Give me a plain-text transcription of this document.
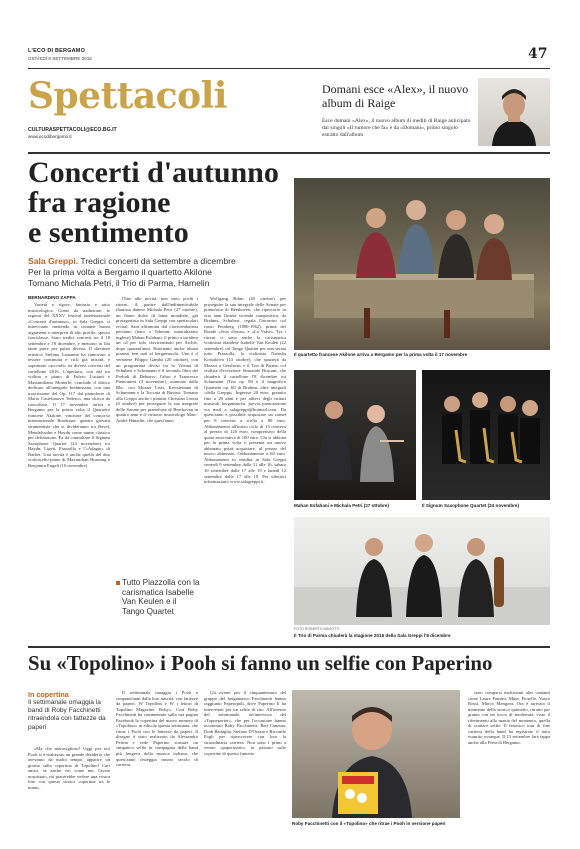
L'ECO DI BERGAMO
GIOVEDÌ 8 SETTEMBRE 2016	47
Spettacoli
CULTURASPETTACOLI@ECO.BG.IT
www.ecodibergamo.it
Domani esce «Alex», il nuovo album di Raige
Esce domani «Alex», il nuovo album di inediti di Raige anticipato dai singoli «Il rumore che fa» e da «Domani», primo singolo estratto dall'album
Concerti d'autunno
fra ragione
e sentimento
Sala Greppi. Tredici concerti da settembre a dicembre
Per la prima volta a Bergamo il quartetto Akilone
Tornano Michala Petri, il Trio di Parma, Hamelin
BERNARDINO ZAPPA

Varietà e rigore, fantasia e ratio musicologica. Come da tradizione, le ragioni del XXXV festival internazionale «Concerti d'autunno», in Sala Greppi, si intrecciano mettendo in comune buoni argomenti e interpreti di alto profilo, spesso fuoriclasse. Sono tredici concerti tra il 18 settembre e l'8 dicembre, e mettono in fila tante parte per palati diversi. Il direttore artistico Stefano Lamanna ha rinnovato a tessere continuità e cicli già iniziati, e sopratutto «accordi» tra diversi concerti del cartellone 2016. L'apertura, con dal tra violino e piano di Fulvio Luciani e Massimiliano Motterle, conclude il dittico dedicato all'integrale brahmsiana, con una trascrizione del Op. 117 dal pianoforte di Mario Castelnuovo Tedesco, una chicca da riascoltare. Il 17 novembre arriva a Bergamo per la prima volta il Quartetto francese Akilone, vincitore del concorso internazionale Bordeaux: quattro giovani strumentiste che si divideranno tra Ravel, Mendelssohn e Haydn come nume classico per definizione. Fa da contraltare il Signum Saxophone Quartet (24 novembre) tra Haydn, Ligeti, Piazzolla e l'«Adagio» di Barber. Una novità è anche quella del duo violoncello-piano di Maximilian Hornung e Benjamin Engeli (10 novembre).

Oltre alle novità, non sono pochi i ritorni. A partire dall'indimenticabile flautista danese Michala Petri (27 ottobre), un flauto dolce di fama mondiale, già protagonista in Sala Greppi con spettacolari recital. Sarà affiancata dal clavicembalista persiano (nato a Teheran, naturalizzato inglese) Mahan Esfahani, il primo a incidere un cd per solo clavicembalo per Archiv, dopo quarant'anni. Ritornano anche alcuni pianisti ben noti al bergamaschi. Uno è il veronese Filippo Gamba (20 ottobre), con un programma diviso tra la Vienna di Schubert e Schumann e il secondo libro dei Preludi di Debussy; l'altro è Francesco Piemontesi (3 novembre), osannato dalla Bbc, con Mozart Liszt, Kreisleriana di Schumann e la Toccata di Busoni. Tornano alla Greppi anche i pianisti Christian Leotta (6 ottobre) per proseguire la sua integrale delle Sonate per pianoforte di Beethoven in quattro anni e il virtuoso musicologo Marc-André Hamelin, che quest'anno

Wolfgang Rihm (20 ottobre) per proseguire la sua integrale delle Sonate per pianoforte di Beethoven, che ripercorre in otto anni l'intera vicenda compositiva, da Brahms, Schubert, regala l'incontro col russo Feinberg (1890-1962), prima del Rondò «Jeux d'eaux» e «La Valse». Tra i ritorni ci sono anche la carismatica violinista olandese Isabelle Van Keulen (22 settembre) col Tango Quartet per una serata tutto Piazzolla, la violinista Natasha Korsakova (13 ottobre), che spazierà da Mozart a Gershwin, e il Trio di Parma, col violista d'eccezione Simonide Braconi, che chiuderà il cartellone l'8 dicembre tra Schumann (Trio op. 80 e il magnifico Quartetto op. 60 di Brahms, altre integrali «della Greppi». Ingresso 20 euro, gratuito fino a 20 anni e per allievi degli istituti musicali bergamaschi, previa prenotazione via mail a salagreppi@hotmail.com. Da quest'anno è possibile acquistare un carnet per 8 concerti a scelta a 80 euro. Abbonamento all'intero ciclo di 13 concerti al prezzo di 120 euro, comprensivo della quota associativa di 100 euro. Chi si abbona per la prima volta o presenta un nuovo abbonato potrà acquistare, al prezzo del nuovo abbonato, l'abbonamento a 60 euro. Abbonamenti in vendita in Sala Greppi venerdì 9 settembre dalle 11 alle 16, sabato 10 settembre dalle 17 alle 19 e lunedì 12 settembre dalle 17 alle 19. Per ulteriori informazioni: www.salagreppi.it.

Tutto Piazzolla con la carismatica Isabelle Van Keulen e il Tango Quartet
Il quartetto francese Akilone arriva a Bergamo per la prima volta il 17 novembre
Mahan Esfahani e Michala Petri (27 ottobre)	Il Signum Saxophone Quartet (24 novembre)
FOTO ROBERTO MASOTTI
Il Trio di Parma chiuderà la stagione 2016 della Sala Greppi l'8 dicembre
Su «Topolino» i Pooh si fanno un selfie con Paperino
In copertina
Il settimanale omaggia la band di Roby Facchinetti ritraendola con fattezze da paperi

«Ma che meraviglioso! Oggi per noi Pooh si è realizzato un grande desiderio che avevamo da molto tempo, apparire un giorno sulla copertina di Topolino! Cari amici, se anche voi come me, l'avete acquistato, mi piacerebbe vedere una vostra foto con questa storica copertina tra le mani».

Il settimanale omaggia i Pooh a cinquant'anni dalla loro nascita, con fattezze da paperi. W Topolino e W i lettori di Topolino Magazine. Roby». Così Roby Facchinetti ha commentato sulla sua pagina Facebook la copertina del nuovo numero di «Topolino» in edicola questa settimana, che ritrae i Pooh con le fattezze da paperi. Il disegno è stato realizzato da Alessandro Perina e vede Paperino scattare un simpatico selfie in compagnia della band più longeva della musica italiana, che quest'anno festeggia mezzo secolo di carriera.

Gli eventi per il cinquantenario del gruppo del bergamasco Facchinetti hanno raggiunto Paperopoli, dove Paperino li ha intercettati per un selfie di rito. All'interno del settimanale, un'intervista del «Topoeporter», che per l'occasione hanno incontrato Roby Facchinetti, Red Canzian, Dodi Battaglia, Stefano D'Orazio e Riccardo Fogli per ripercorrere con loro la straordinaria carriera. Non sono i primi a venire «paperizzati»: in passato sulle copertine di questo fumetto

Roby Facchinetti con il «Topolino» che ritrae i Pooh in versione paperi

sono comparsi moltissimi altri cantanti come Laura Pausini, Mina, Fiorello, Vasco Rossi, Marco Mengoni. Ora è arrivato il momento dello storico quintetto, ritratto per giunta con un tocco di modernità, visto il riferimento alla mania del momento, quella di scattare selfie. Il fenosico tour di fine carriera della band ha registrato il tutto esaurito ovunque. Il 13 settembre farà tappa anche alla Fiera di Bergamo.
